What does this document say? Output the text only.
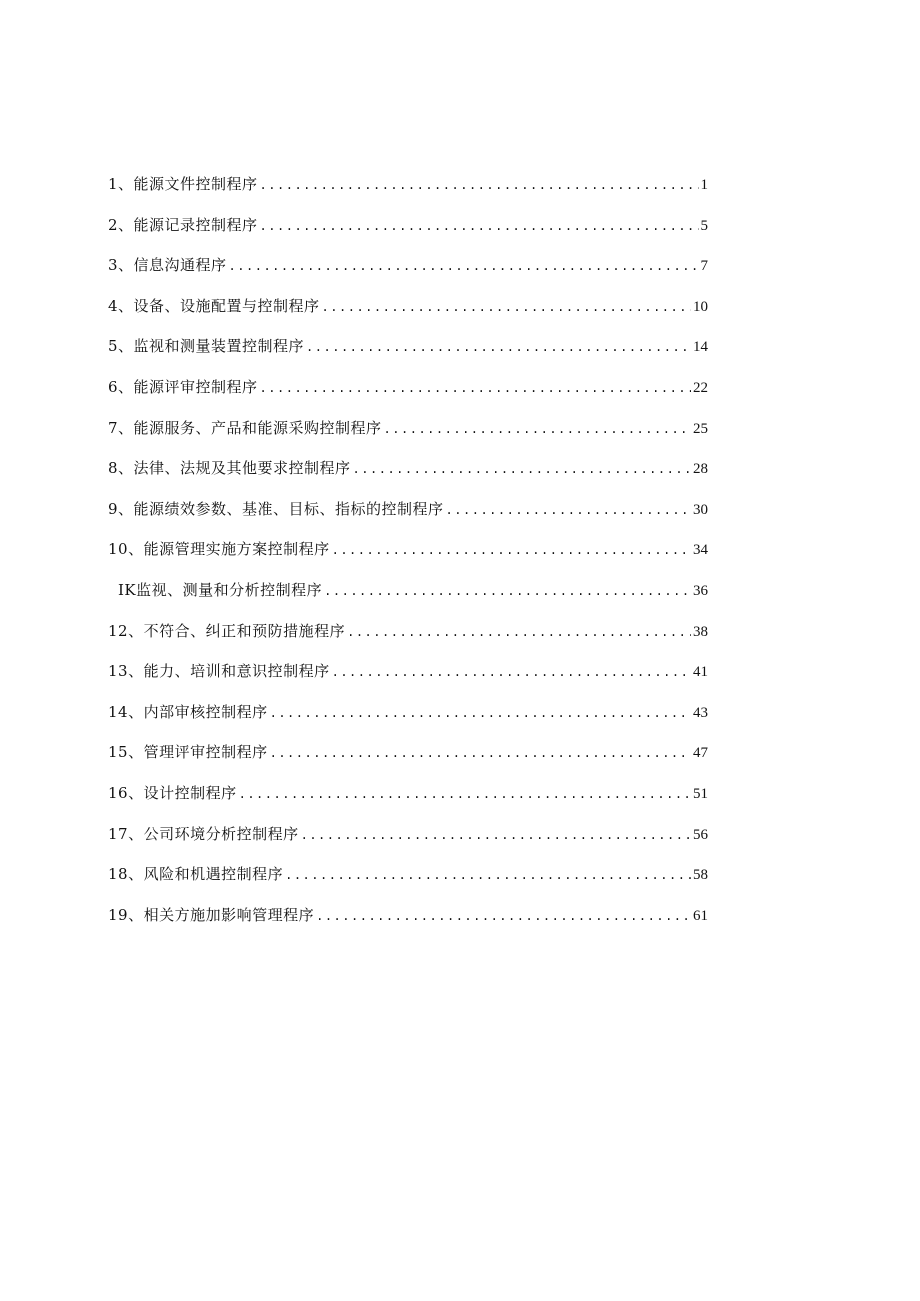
1、能源文件控制程序 .....	1
2、能源记录控制程序 .....	5
3、信息沟通程序 .....	7
4、设备、设施配置与控制程序 .....	10
5、监视和测量装置控制程序 .....	14
6、能源评审控制程序 .....	22
7、能源服务、产品和能源采购控制程序 .....	25
8、法律、法规及其他要求控制程序 .....	28
9、能源绩效参数、基准、目标、指标的控制程序 .....	30
10、能源管理实施方案控制程序 .....	34
IK监视、测量和分析控制程序 .....	36
12、不符合、纠正和预防措施程序 .....	38
13、能力、培训和意识控制程序 .....	41
14、内部审核控制程序 .....	43
15、管理评审控制程序 .....	47
16、设计控制程序 .....	51
17、公司环境分析控制程序 .....	56
18、风险和机遇控制程序 .....	58
19、相关方施加影响管理程序 .....	61
